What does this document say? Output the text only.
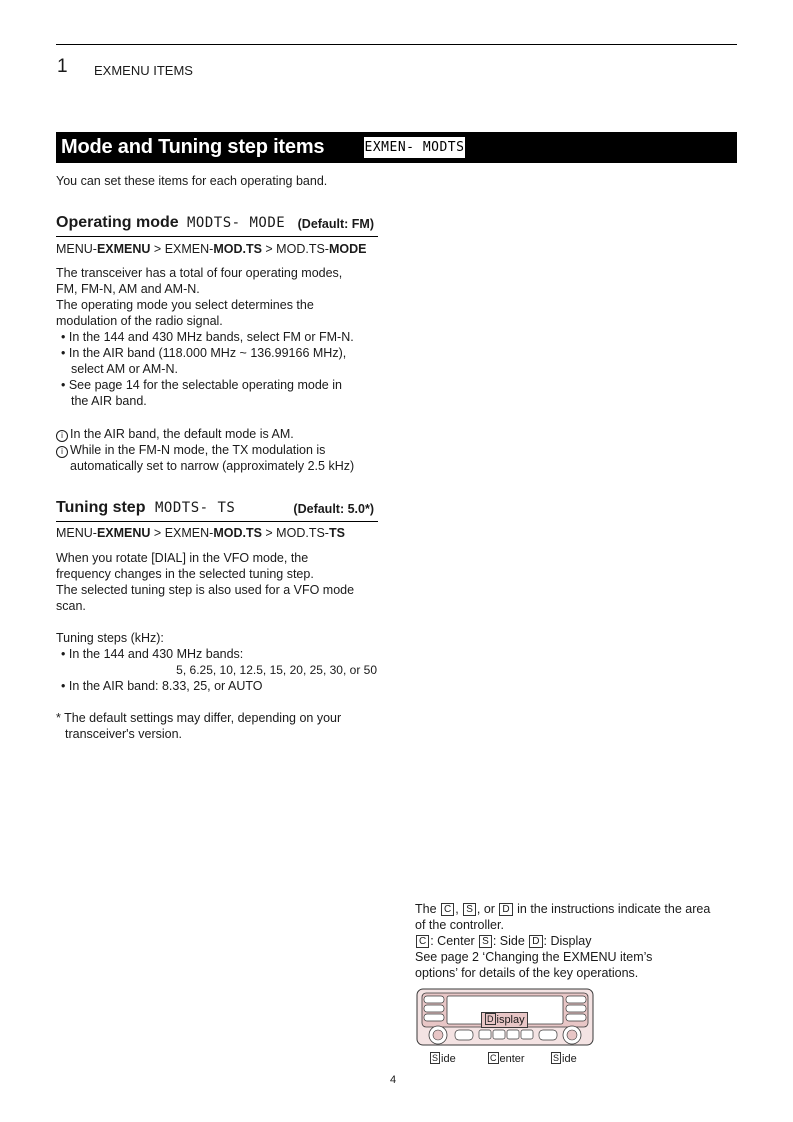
1 EXMENU ITEMS
Mode and Tuning step items	EXMEN- MODTS
You can set these items for each operating band.
Operating mode MODTS- MODE (Default: FM)
MENU-EXMENU > EXMEN-MOD.TS > MOD.TS-MODE
The transceiver has a total of four operating modes,
FM, FM-N, AM and AM-N.
The operating mode you select determines the
modulation of the radio signal.
• In the 144 and 430 MHz bands, select FM or FM-N.
• In the AIR band (118.000 MHz ~ 136.99166 MHz),
select AM or AM-N.
• See page 14 for the selectable operating mode in
the AIR band.
i In the AIR band, the default mode is AM.
i While in the FM-N mode, the TX modulation is
automatically set to narrow (approximately 2.5 kHz)
Tuning step MODTS- TS	(Default: 5.0*)
MENU-EXMENU > EXMEN-MOD.TS > MOD.TS-TS
When you rotate [DIAL] in the VFO mode, the
frequency changes in the selected tuning step.
The selected tuning step is also used for a VFO mode
scan.
Tuning steps (kHz):
• In the 144 and 430 MHz bands:
5, 6.25, 10, 12.5, 15, 20, 25, 30, or 50
• In the AIR band: 8.33, 25, or AUTO
* The default settings may differ, depending on your
transceiver's version.
The C , S , or D in the instructions indicate the area
of the controller.
C : Center S : Side D : Display
See page 2 ‘Changing the EXMENU item’s
options’ for details of the key operations.
D isplay
S ide	C enter	S ide
4
